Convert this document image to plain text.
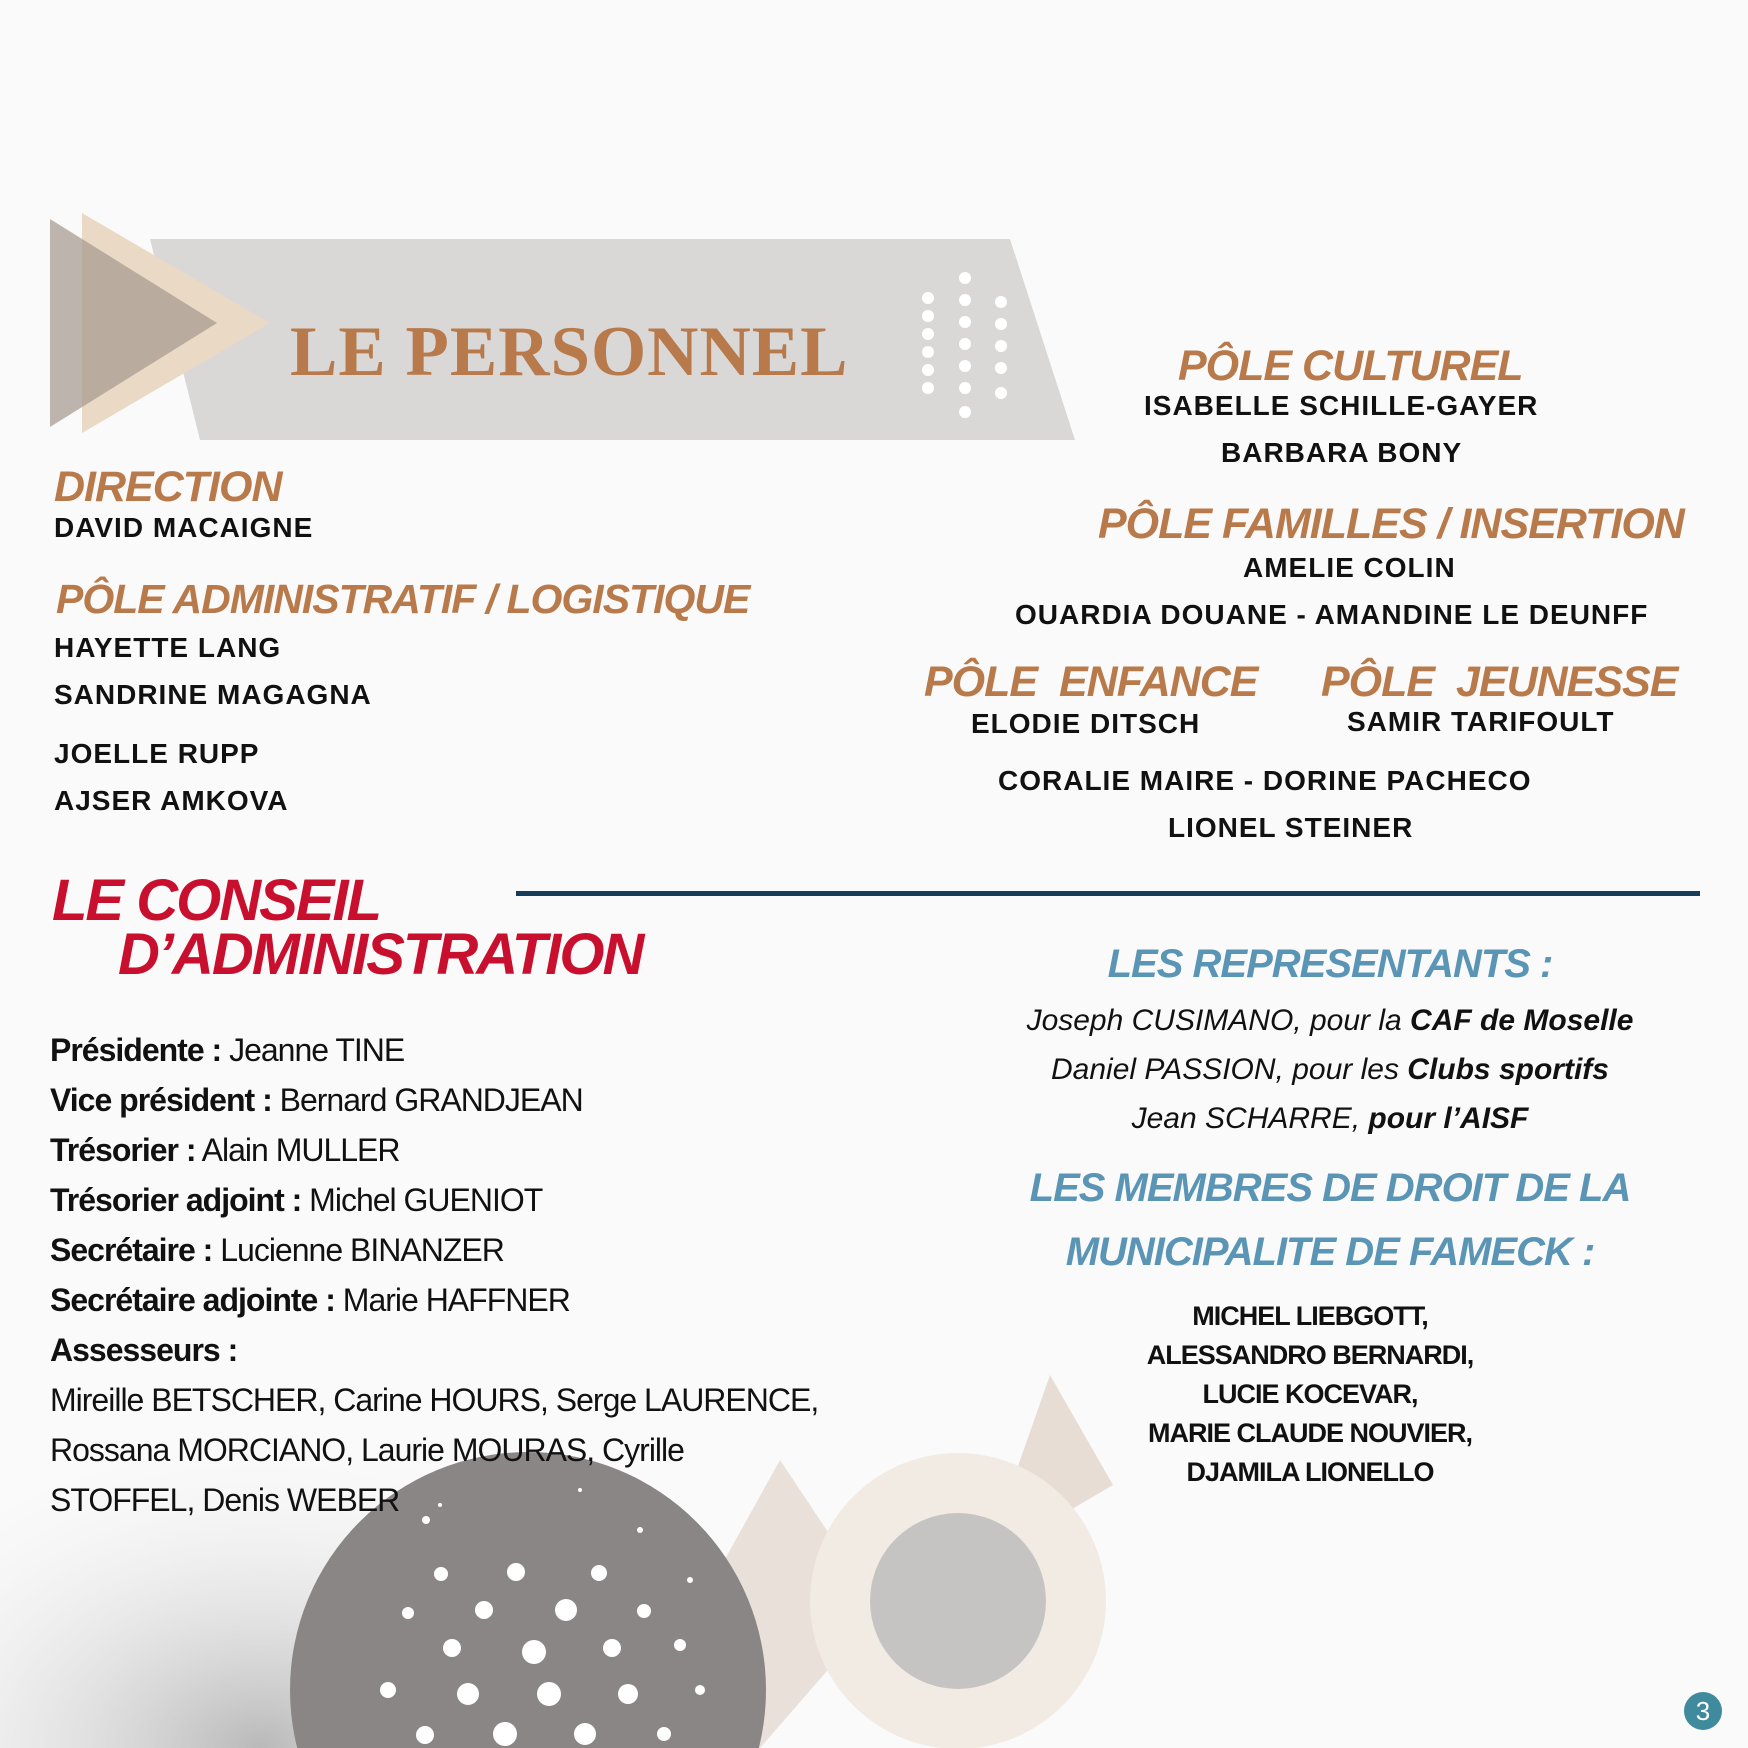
LE PERSONNEL
DIRECTION
DAVID MACAIGNE
PÔLE ADMINISTRATIF / LOGISTIQUE
HAYETTE LANG
SANDRINE MAGAGNA
JOELLE RUPP
AJSER AMKOVA
PÔLE CULTUREL
ISABELLE SCHILLE-GAYER
BARBARA BONY
PÔLE FAMILLES / INSERTION
AMELIE COLIN
OUARDIA DOUANE - AMANDINE LE DEUNFF
PÔLE  ENFANCE
ELODIE DITSCH
PÔLE  JEUNESSE
SAMIR TARIFOULT
CORALIE MAIRE - DORINE PACHECO
LIONEL STEINER
LE CONSEIL
D’ADMINISTRATION
Présidente : Jeanne TINE
Vice président : Bernard GRANDJEAN
Trésorier : Alain MULLER
Trésorier adjoint : Michel GUENIOT
Secrétaire : Lucienne BINANZER
Secrétaire adjointe : Marie HAFFNER
Assesseurs :
Mireille BETSCHER, Carine HOURS, Serge LAURENCE,
Rossana MORCIANO, Laurie MOURAS, Cyrille
STOFFEL, Denis WEBER
LES REPRESENTANTS :
Joseph CUSIMANO, pour la CAF de Moselle
Daniel PASSION, pour les Clubs sportifs
Jean SCHARRE, pour l’AISF
LES MEMBRES DE DROIT DE LA
MUNICIPALITE DE FAMECK :
MICHEL LIEBGOTT,
ALESSANDRO BERNARDI,
LUCIE KOCEVAR,
MARIE CLAUDE NOUVIER,
DJAMILA LIONELLO
3
